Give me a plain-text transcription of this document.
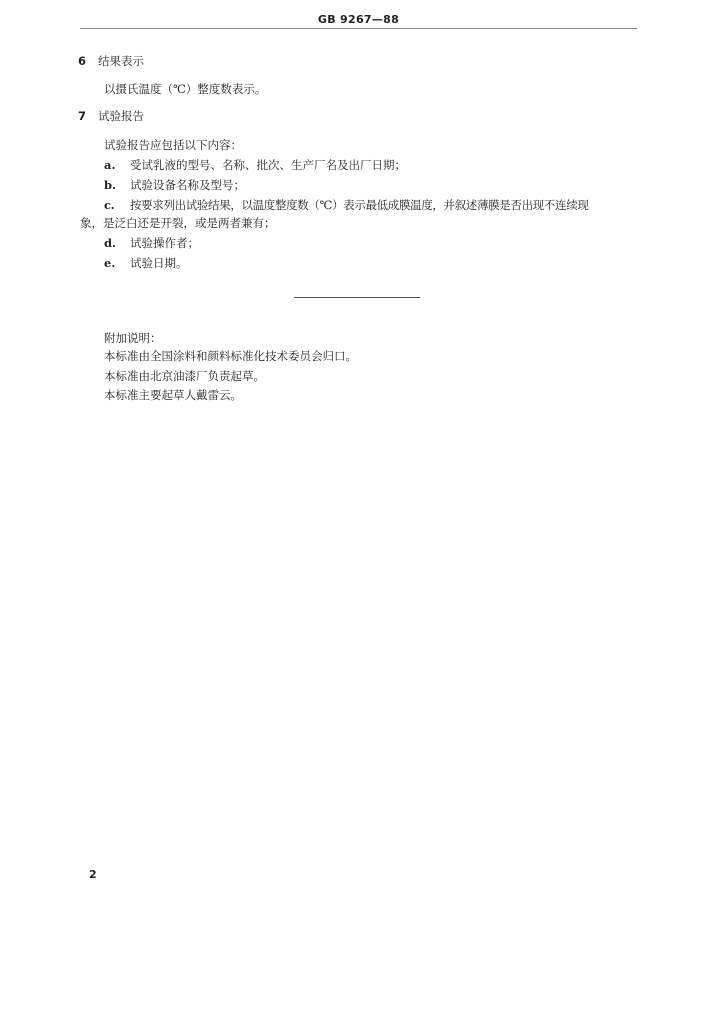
GB 9267—88
6 结果表示
以摄氏温度（℃）整度数表示。
7 试验报告
试验报告应包括以下内容：
a. 受试乳液的型号、名称、批次、生产厂名及出厂日期；
b. 试验设备名称及型号；
c. 按要求列出试验结果，以温度整度数（℃）表示最低成膜温度，并叙述薄膜是否出现不连续现
象，是泛白还是开裂，或是两者兼有；
d. 试验操作者；
e. 试验日期。
附加说明：
本标准由全国涂料和颜料标准化技术委员会归口。
本标准由北京油漆厂负责起草。
本标准主要起草人戴雷云。
2
